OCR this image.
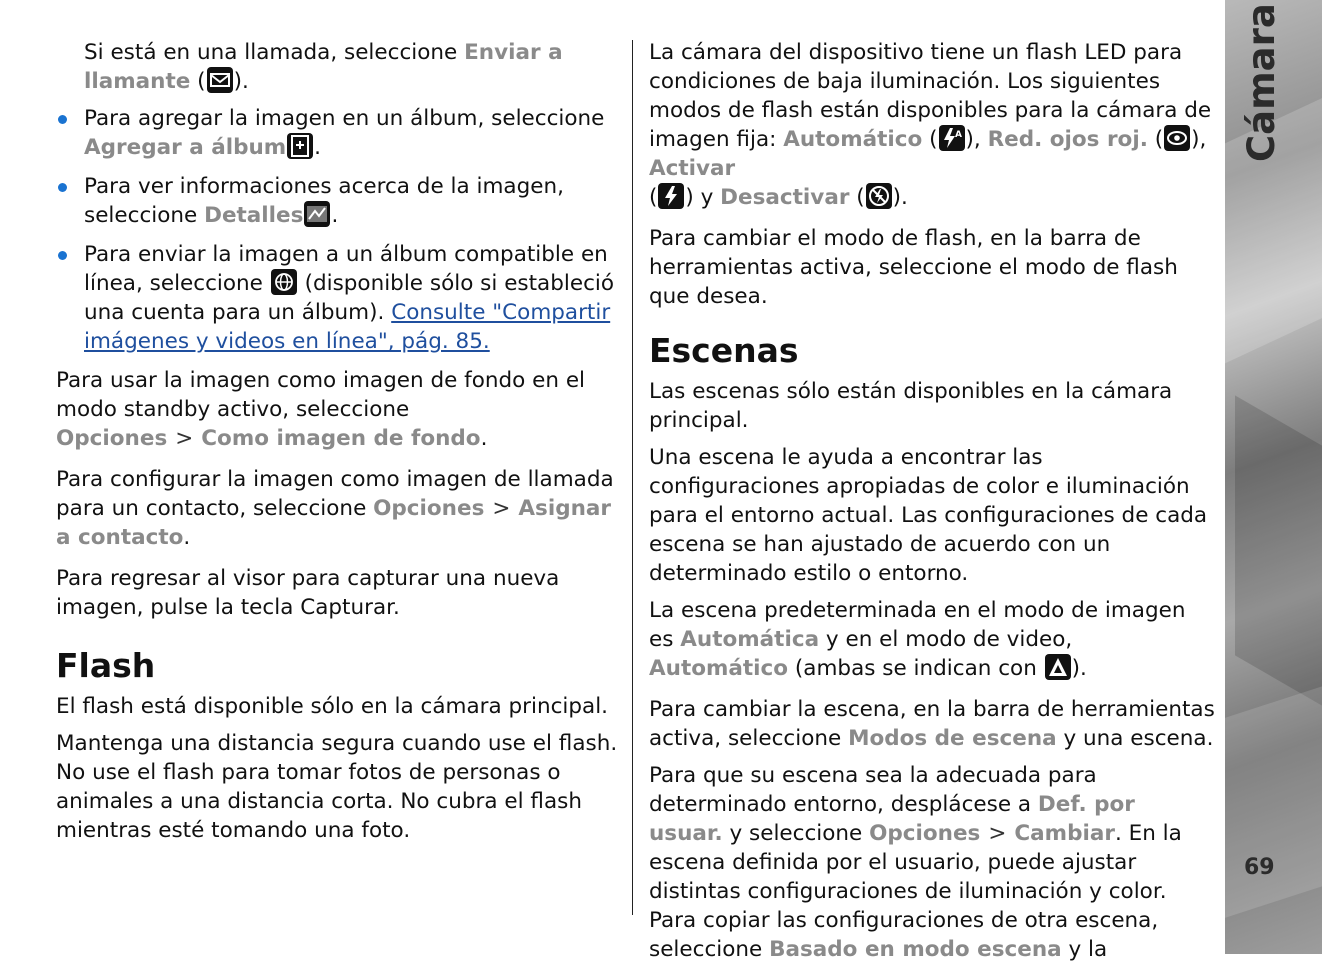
Si está en una llamada, seleccione Enviar a llamante ( ).

Para agregar la imagen en un álbum, seleccione Agregar a álbum .
Para ver informaciones acerca de la imagen, seleccione Detalles .
Para enviar la imagen a un álbum compatible en línea, seleccione
(disponible sólo si estableció una cuenta para un álbum). Consulte "Compartir imágenes y videos en línea", pág. 85.

Para usar la imagen como imagen de fondo en el modo standby activo, seleccione Opciones > Como imagen de fondo.

Para configurar la imagen como imagen de llamada para un contacto, seleccione Opciones > Asignar a contacto.

Para regresar al visor para capturar una nueva imagen, pulse la tecla Capturar.

Flash

El flash está disponible sólo en la cámara principal.

Mantenga una distancia segura cuando use el flash. No use el flash para tomar fotos de personas o animales a una distancia corta. No cubra el flash mientras esté tomando una foto.

La cámara del dispositivo tiene un flash LED para condiciones de baja iluminación. Los siguientes modos de flash están disponibles para la cámara de imagen fija: Automático ( A ), Red. ojos roj. ( ), Activar
( ) y Desactivar ( ).

Para cambiar el modo de flash, en la barra de herramientas activa, seleccione el modo de flash que desea.

Escenas

Las escenas sólo están disponibles en la cámara principal.

Una escena le ayuda a encontrar las configuraciones apropiadas de color e iluminación para el entorno actual. Las configuraciones de cada escena se han ajustado de acuerdo con un determinado estilo o entorno.

La escena predeterminada en el modo de imagen es Automática y en el modo de video, Automático (ambas se indican con
).

Para cambiar la escena, en la barra de herramientas activa, seleccione Modos de escena y una escena.

Para que su escena sea la adecuada para determinado entorno, desplácese a Def. por usuar. y seleccione Opciones > Cambiar. En la escena definida por el usuario, puede ajustar distintas configuraciones de iluminación y color. Para copiar las configuraciones de otra escena, seleccione Basado en modo escena y la

69
